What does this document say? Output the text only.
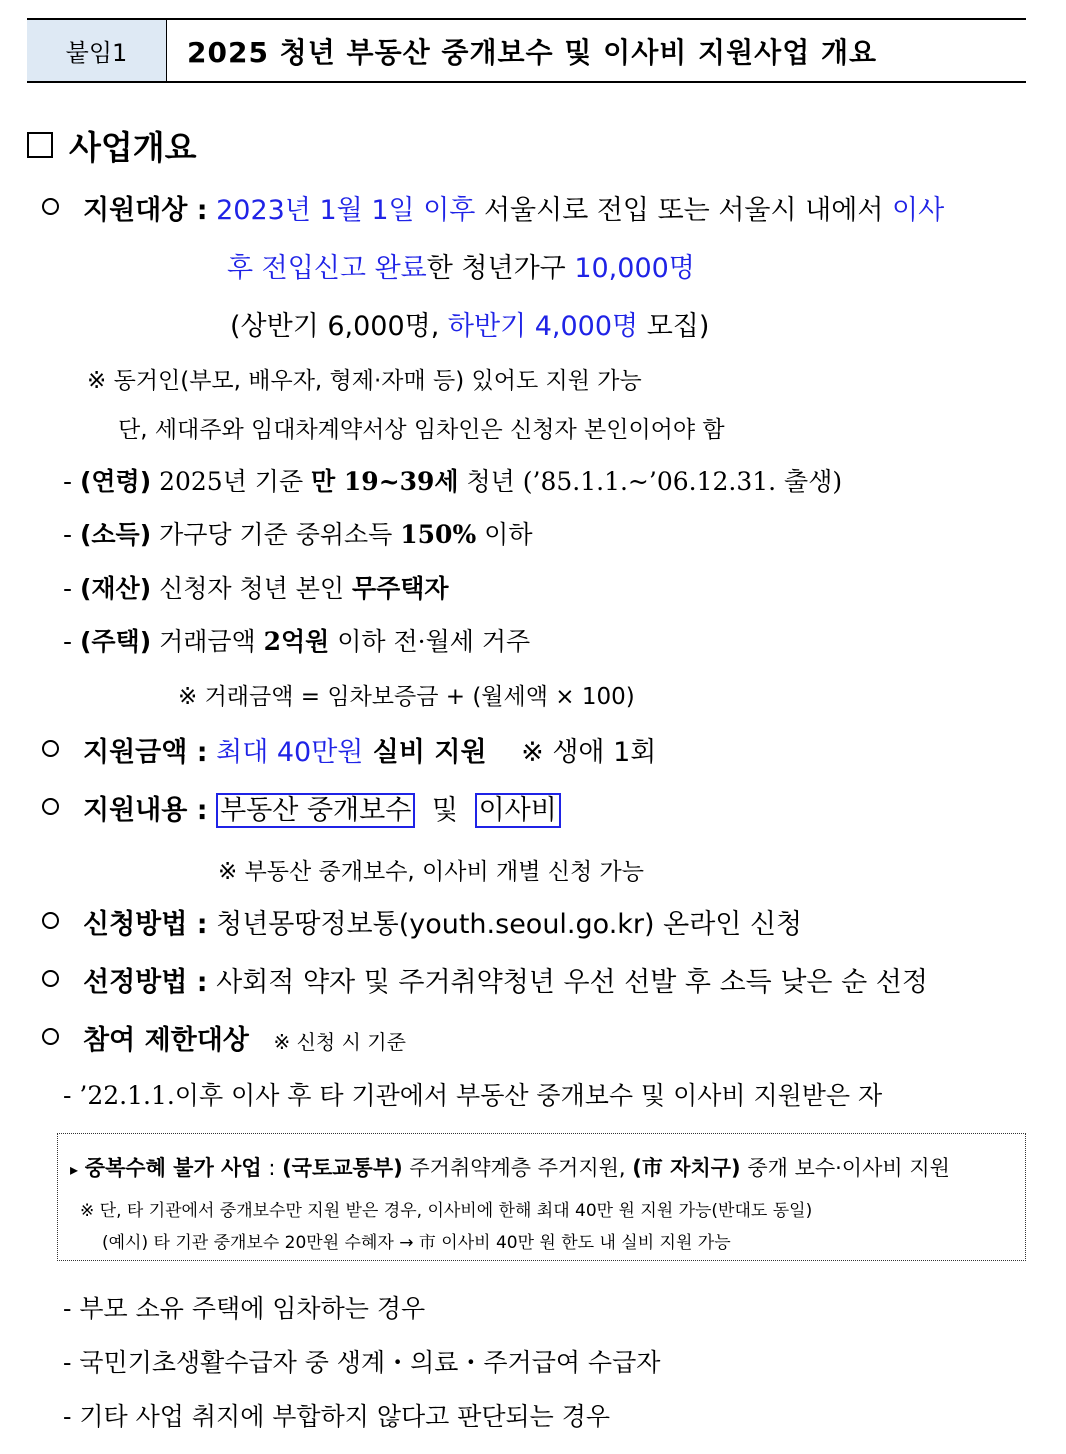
붙임1	2025 청년 부동산 중개보수 및 이사비 지원사업 개요
사업개요
지원대상 : 2023년 1월 1일 이후 서울시로 전입 또는 서울시 내에서 이사
후 전입신고 완료한 청년가구 10,000명
(상반기 6,000명, 하반기 4,000명 모집)
※ 동거인(부모, 배우자, 형제·자매 등) 있어도 지원 가능
단, 세대주와 임대차계약서상 임차인은 신청자 본인이어야 함
- (연령) 2025년 기준 만 19~39세 청년 (’85.1.1.~’06.12.31. 출생)
- (소득) 가구당 기준 중위소득 150% 이하
- (재산) 신청자 청년 본인 무주택자
- (주택) 거래금액 2억원 이하 전·월세 거주
※ 거래금액 = 임차보증금 + (월세액 × 100)
지원금액 : 최대 40만원 실비 지원 ※ 생애 1회
지원내용 : 부동산 중개보수 및 이사비
※ 부동산 중개보수, 이사비 개별 신청 가능
신청방법 : 청년몽땅정보통(youth.seoul.go.kr) 온라인 신청
선정방법 : 사회적 약자 및 주거취약청년 우선 선발 후 소득 낮은 순 선정
참여 제한대상 ※ 신청 시 기준
- ’22.1.1.이후 이사 후 타 기관에서 부동산 중개보수 및 이사비 지원받은 자
▸ 중복수혜 불가 사업 : (국토교통부) 주거취약계층 주거지원, (市 자치구) 중개 보수·이사비 지원
※ 단, 타 기관에서 중개보수만 지원 받은 경우, 이사비에 한해 최대 40만 원 지원 가능(반대도 동일)
(예시) 타 기관 중개보수 20만원 수혜자 → 市 이사비 40만 원 한도 내 실비 지원 가능
- 부모 소유 주택에 임차하는 경우
- 국민기초생활수급자 중 생계・의료・주거급여 수급자
- 기타 사업 취지에 부합하지 않다고 판단되는 경우
